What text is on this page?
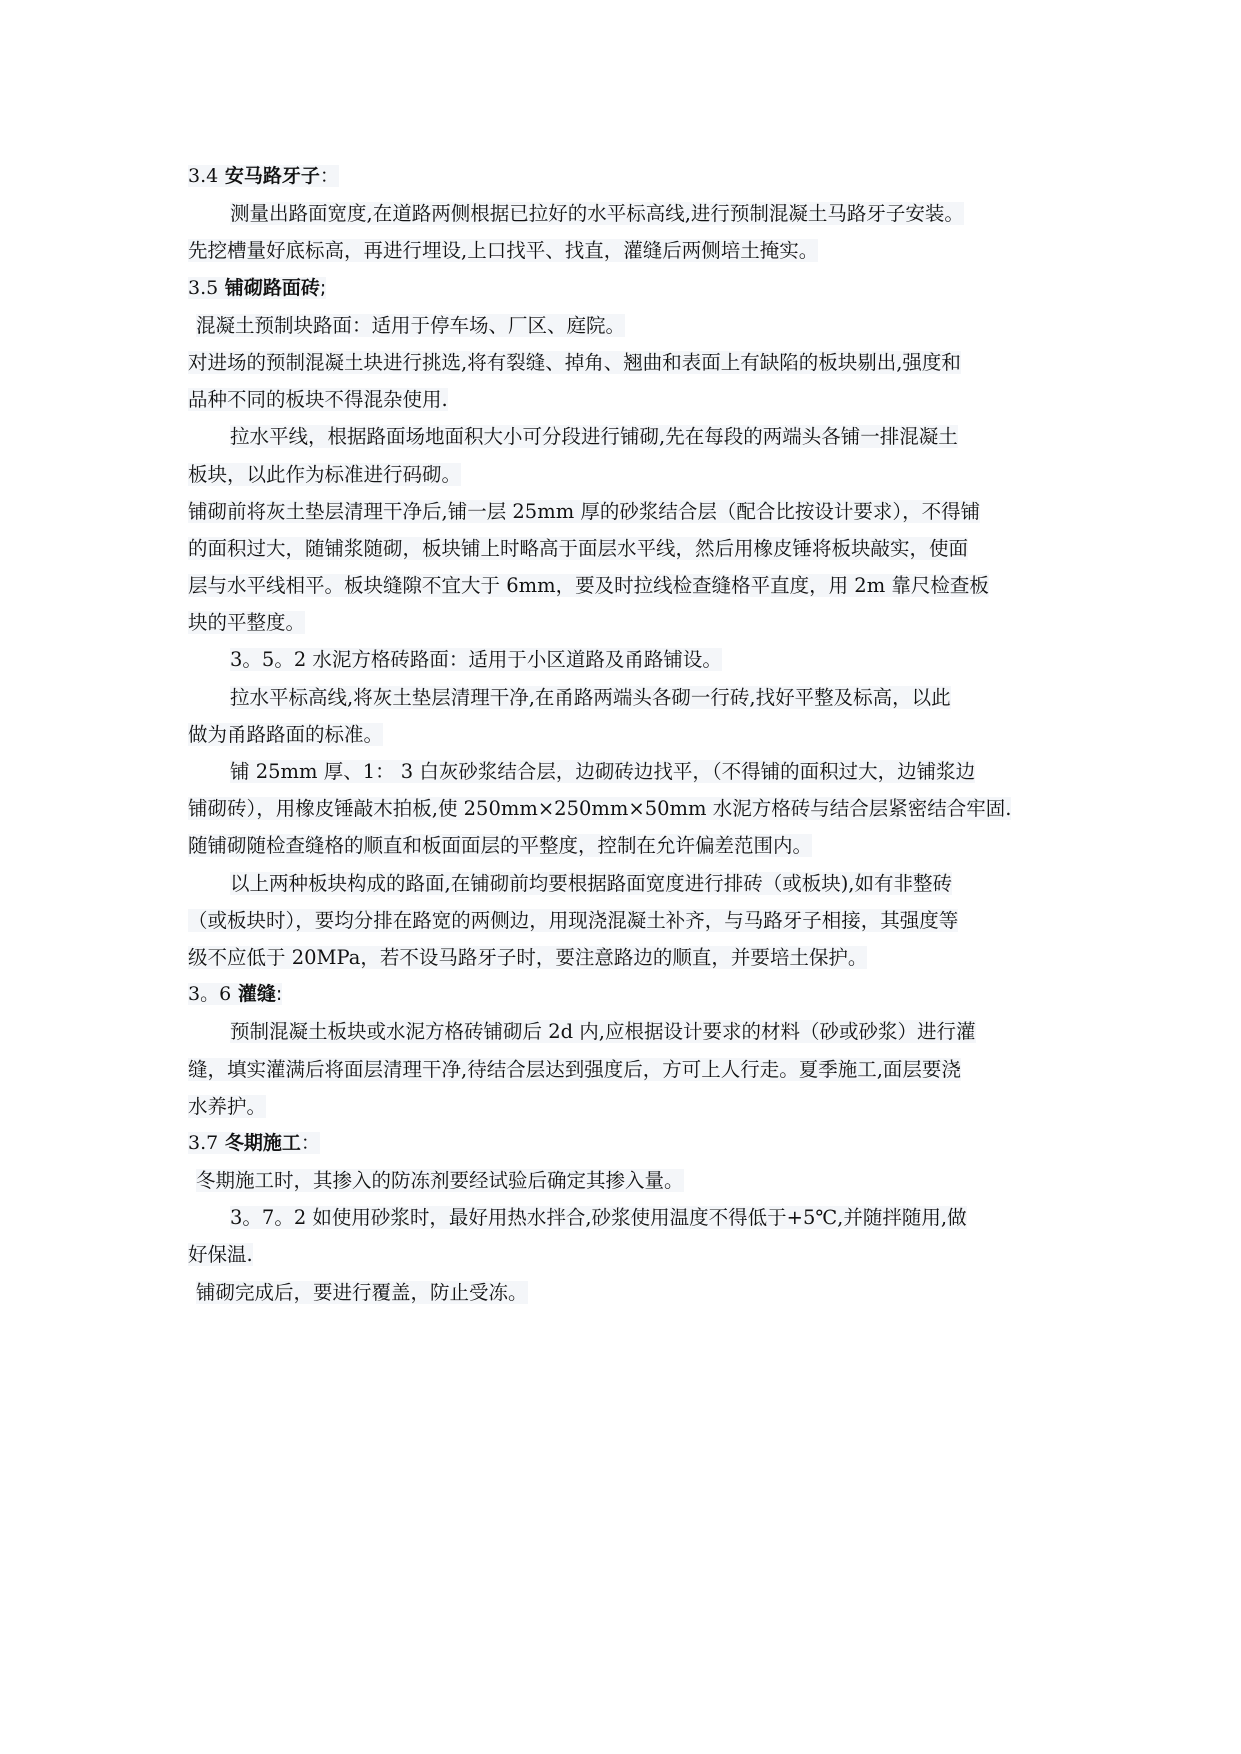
3.4 安马路牙子：
测量出路面宽度,在道路两侧根据已拉好的水平标高线,进行预制混凝土马路牙子安装。
先挖槽量好底标高，再进行埋设,上口找平、找直，灌缝后两侧培土掩实。
3.5 铺砌路面砖;
混凝土预制块路面：适用于停车场、厂区、庭院。
对进场的预制混凝土块进行挑选,将有裂缝、掉角、翘曲和表面上有缺陷的板块剔出,强度和
品种不同的板块不得混杂使用.
拉水平线，根据路面场地面积大小可分段进行铺砌,先在每段的两端头各铺一排混凝土
板块，以此作为标准进行码砌。
铺砌前将灰土垫层清理干净后,铺一层 25mm 厚的砂浆结合层（配合比按设计要求），不得铺
的面积过大，随铺浆随砌，板块铺上时略高于面层水平线，然后用橡皮锤将板块敲实，使面
层与水平线相平。板块缝隙不宜大于 6mm，要及时拉线检查缝格平直度，用 2m 靠尺检查板
块的平整度。
3。5。2 水泥方格砖路面：适用于小区道路及甬路铺设。
拉水平标高线,将灰土垫层清理干净,在甬路两端头各砌一行砖,找好平整及标高，以此
做为甬路路面的标准。
铺 25mm 厚、1： 3 白灰砂浆结合层，边砌砖边找平，（不得铺的面积过大，边铺浆边
铺砌砖），用橡皮锤敲木拍板,使 250mm×250mm×50mm 水泥方格砖与结合层紧密结合牢固.
随铺砌随检查缝格的顺直和板面面层的平整度，控制在允许偏差范围内。
以上两种板块构成的路面,在铺砌前均要根据路面宽度进行排砖（或板块),如有非整砖
（或板块时），要均分排在路宽的两侧边，用现浇混凝土补齐，与马路牙子相接，其强度等
级不应低于 20MPa，若不设马路牙子时，要注意路边的顺直，并要培土保护。
3。6 灌缝:
预制混凝土板块或水泥方格砖铺砌后 2d 内,应根据设计要求的材料（砂或砂浆）进行灌
缝，填实灌满后将面层清理干净,待结合层达到强度后，方可上人行走。夏季施工,面层要浇
水养护。
3.7 冬期施工：
冬期施工时，其掺入的防冻剂要经试验后确定其掺入量。
3。7。2 如使用砂浆时，最好用热水拌合,砂浆使用温度不得低于+5℃,并随拌随用,做
好保温.
铺砌完成后，要进行覆盖，防止受冻。
